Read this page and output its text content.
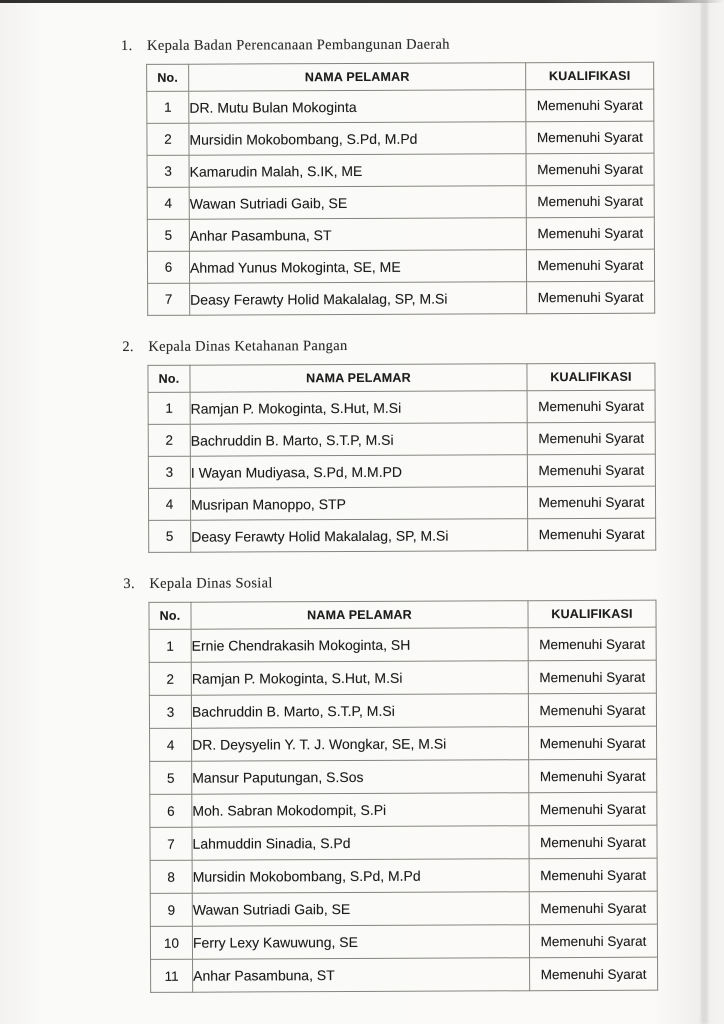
1. Kepala Badan Perencanaan Pembangunan Daerah
No.	NAMA PELAMAR	KUALIFIKASI
1	DR. Mutu Bulan Mokoginta	Memenuhi Syarat
2	Mursidin Mokobombang, S.Pd, M.Pd	Memenuhi Syarat
3	Kamarudin Malah, S.IK, ME	Memenuhi Syarat
4	Wawan Sutriadi Gaib, SE	Memenuhi Syarat
5	Anhar Pasambuna, ST	Memenuhi Syarat
6	Ahmad Yunus Mokoginta, SE, ME	Memenuhi Syarat
7	Deasy Ferawty Holid Makalalag, SP, M.Si	Memenuhi Syarat
2. Kepala Dinas Ketahanan Pangan
No.	NAMA PELAMAR	KUALIFIKASI
1	Ramjan P. Mokoginta, S.Hut, M.Si	Memenuhi Syarat
2	Bachruddin B. Marto, S.T.P, M.Si	Memenuhi Syarat
3	I Wayan Mudiyasa, S.Pd, M.M.PD	Memenuhi Syarat
4	Musripan Manoppo, STP	Memenuhi Syarat
5	Deasy Ferawty Holid Makalalag, SP, M.Si	Memenuhi Syarat
3. Kepala Dinas Sosial
No.	NAMA PELAMAR	KUALIFIKASI
1	Ernie Chendrakasih Mokoginta, SH	Memenuhi Syarat
2	Ramjan P. Mokoginta, S.Hut, M.Si	Memenuhi Syarat
3	Bachruddin B. Marto, S.T.P, M.Si	Memenuhi Syarat
4	DR. Deysyelin Y. T. J. Wongkar, SE, M.Si	Memenuhi Syarat
5	Mansur Paputungan, S.Sos	Memenuhi Syarat
6	Moh. Sabran Mokodompit, S.Pi	Memenuhi Syarat
7	Lahmuddin Sinadia, S.Pd	Memenuhi Syarat
8	Mursidin Mokobombang, S.Pd, M.Pd	Memenuhi Syarat
9	Wawan Sutriadi Gaib, SE	Memenuhi Syarat
10	Ferry Lexy Kawuwung, SE	Memenuhi Syarat
11	Anhar Pasambuna, ST	Memenuhi Syarat
